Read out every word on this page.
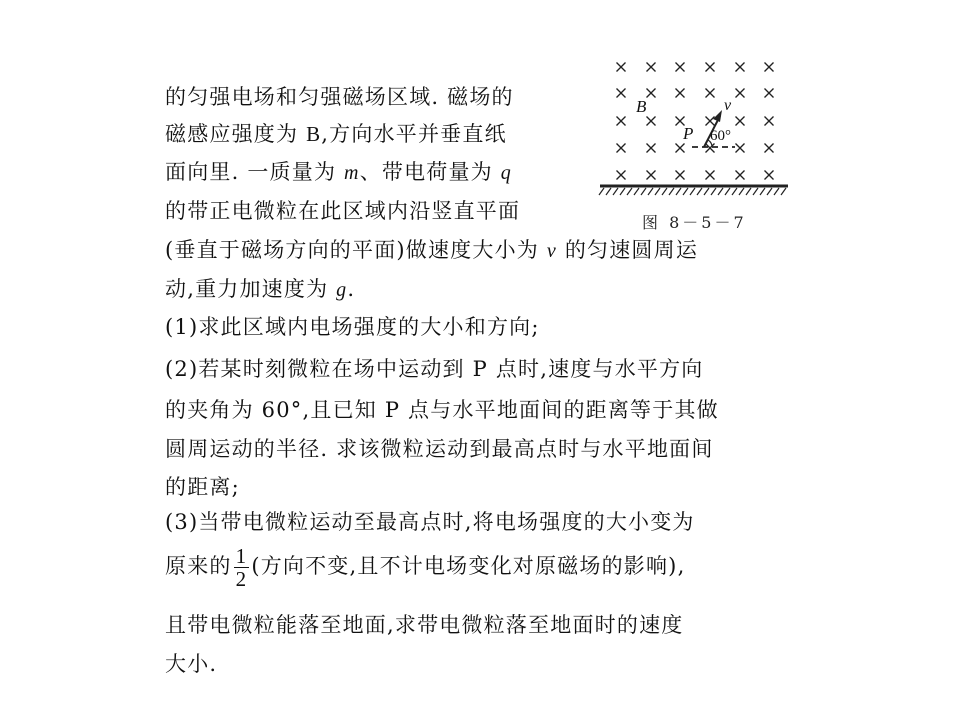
的匀强电场和匀强磁场区域. 磁场的
磁感应强度为 B,方向水平并垂直纸
面向里. 一质量为 m、带电荷量为 q
的带正电微粒在此区域内沿竖直平面
(垂直于磁场方向的平面)做速度大小为 v 的匀速圆周运
动,重力加速度为 g.
(1)求此区域内电场强度的大小和方向;
(2)若某时刻微粒在场中运动到 P 点时,速度与水平方向
的夹角为 60°,且已知 P 点与水平地面间的距离等于其做
圆周运动的半径. 求该微粒运动到最高点时与水平地面间
的距离;
(3)当带电微粒运动至最高点时,将电场强度的大小变为
原来的 $\frac{1}{2}$ (方向不变,且不计电场变化对原磁场的影响),
且带电微粒能落至地面,求带电微粒落至地面时的速度
大小.
B
P
v
60°
图 8－5－7
